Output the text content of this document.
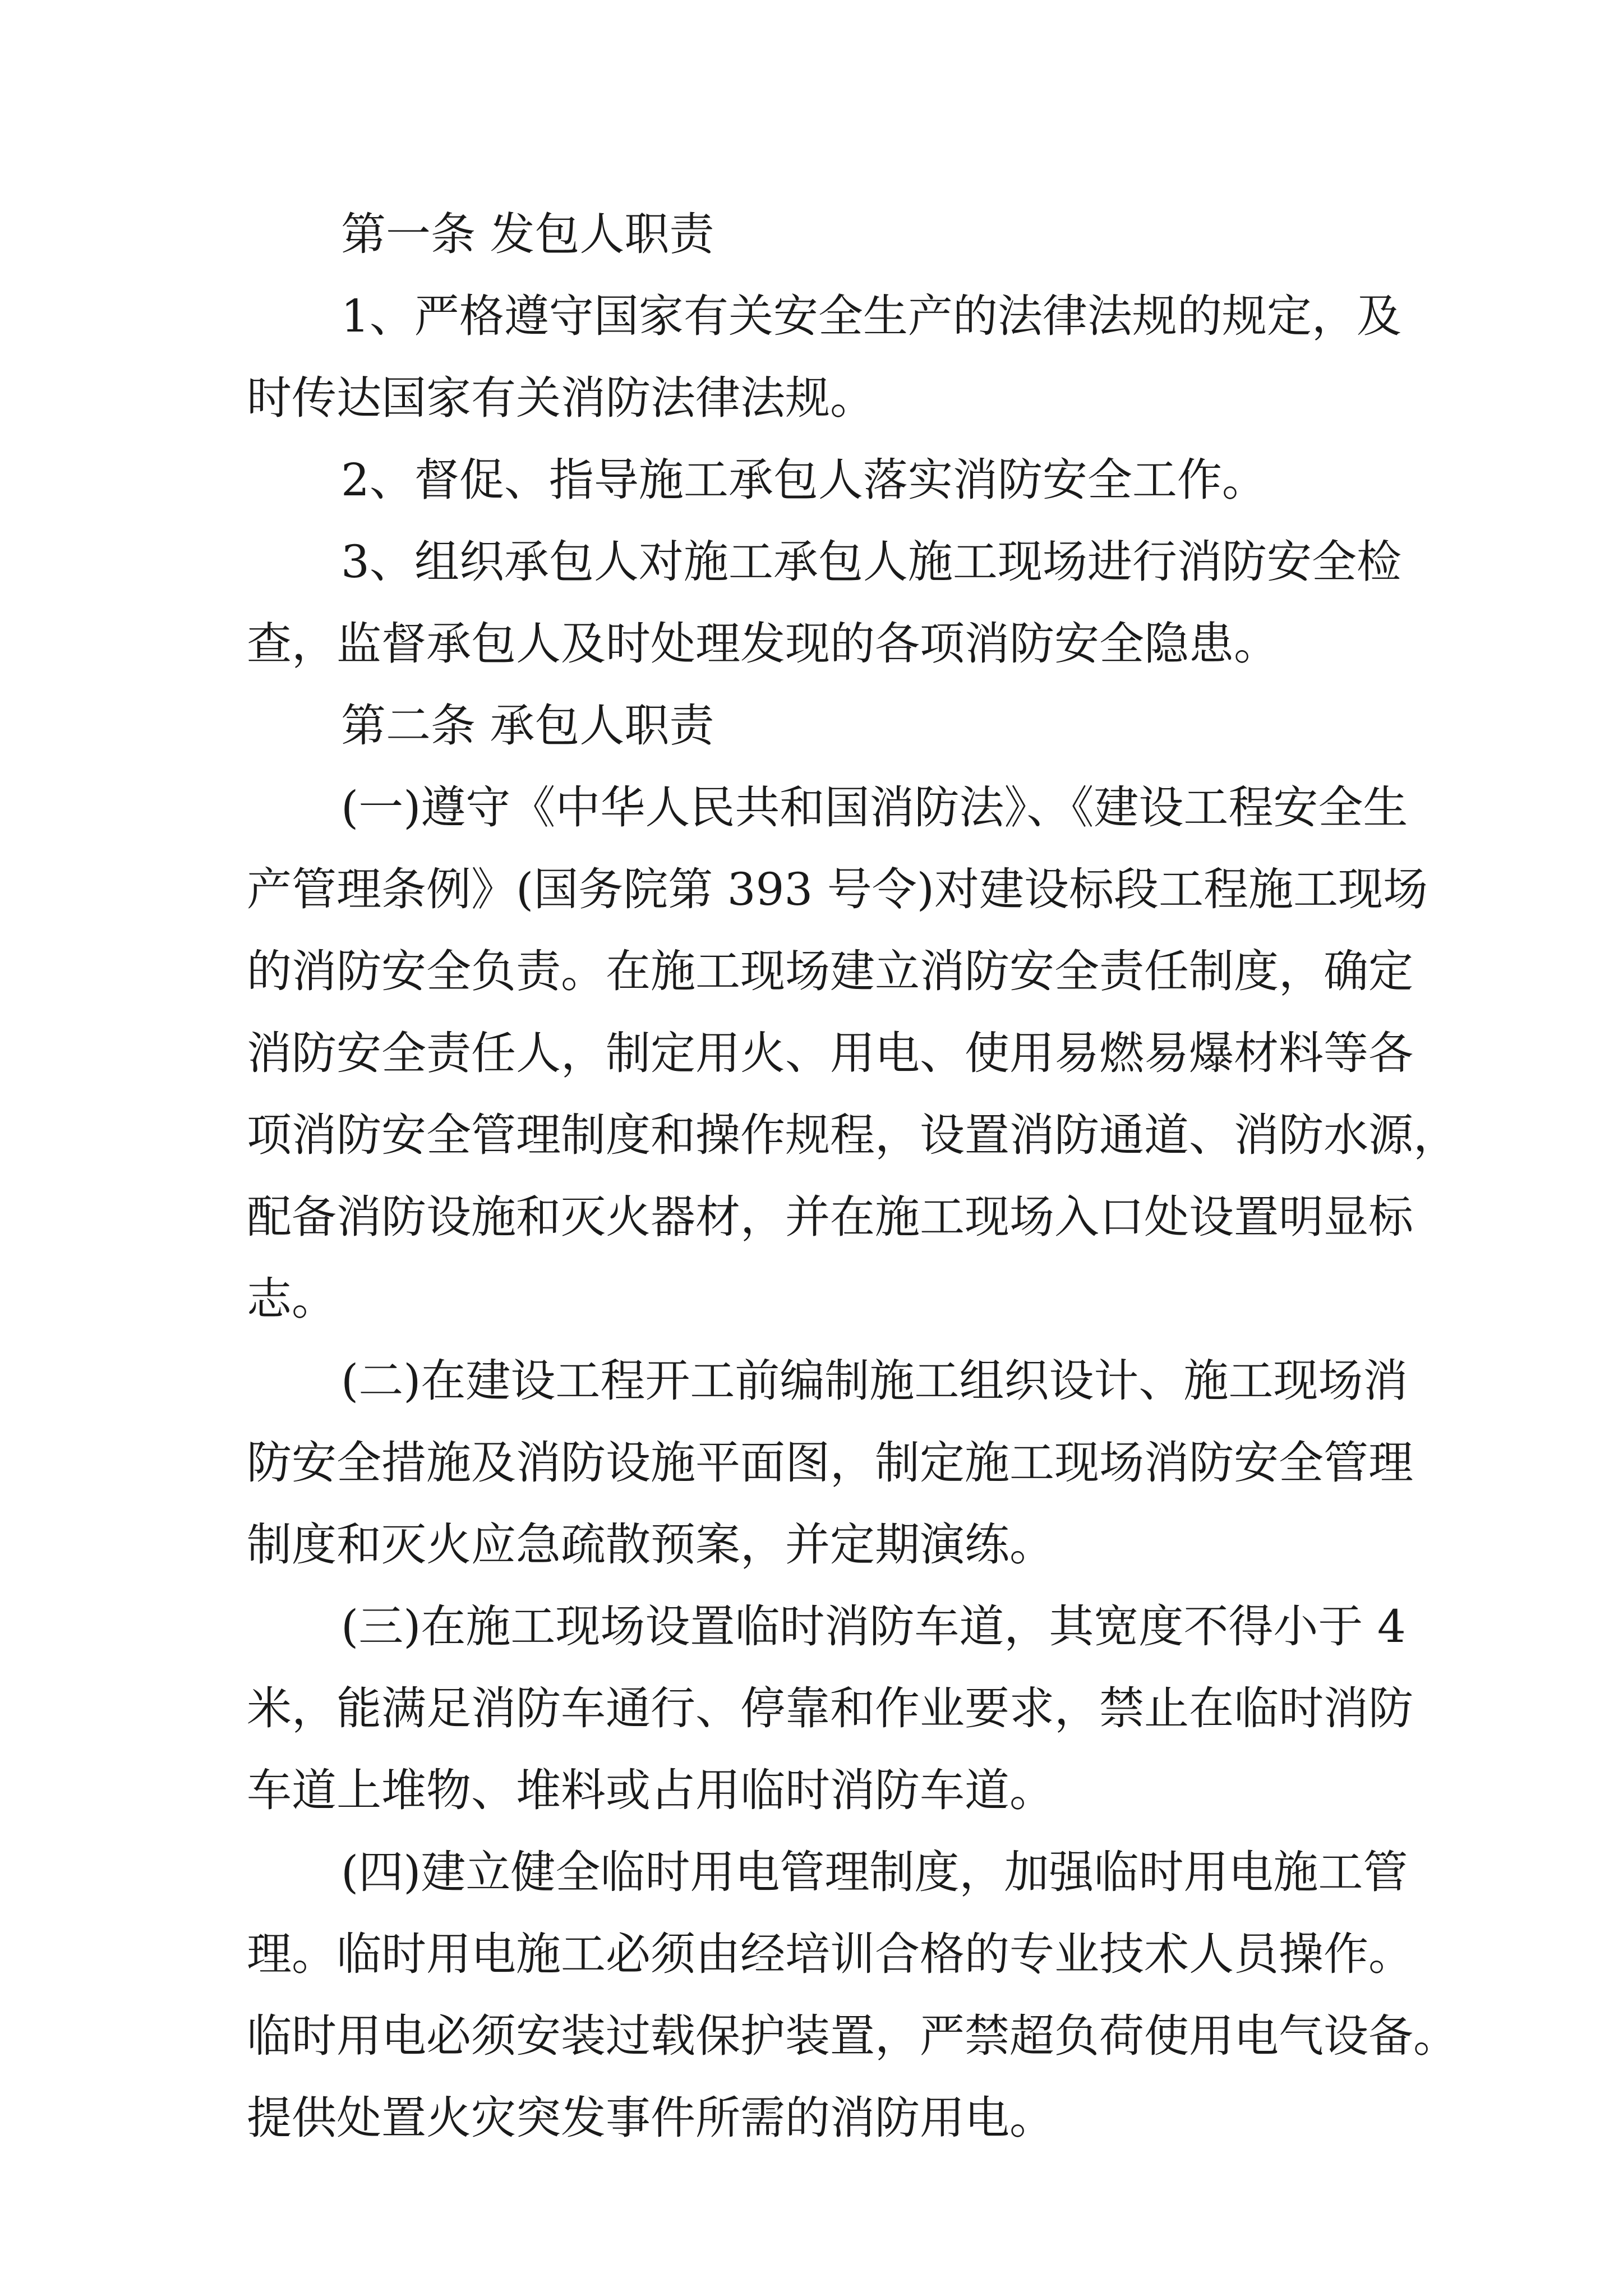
第一条 发包人职责
1、严格遵守国家有关安全生产的法律法规的规定，及
时传达国家有关消防法律法规。
2、督促、指导施工承包人落实消防安全工作。
3、组织承包人对施工承包人施工现场进行消防安全检
查，监督承包人及时处理发现的各项消防安全隐患。
第二条 承包人职责
(一)遵守《中华人民共和国消防法》、《建设工程安全生
产管理条例》(国务院第 393 号令)对建设标段工程施工现场
的消防安全负责。在施工现场建立消防安全责任制度，确定
消防安全责任人，制定用火、用电、使用易燃易爆材料等各
项消防安全管理制度和操作规程，设置消防通道、消防水源，
配备消防设施和灭火器材，并在施工现场入口处设置明显标
志。
(二)在建设工程开工前编制施工组织设计、施工现场消
防安全措施及消防设施平面图，制定施工现场消防安全管理
制度和灭火应急疏散预案，并定期演练。
(三)在施工现场设置临时消防车道，其宽度不得小于 4
米，能满足消防车通行、停靠和作业要求，禁止在临时消防
车道上堆物、堆料或占用临时消防车道。
(四)建立健全临时用电管理制度，加强临时用电施工管
理。临时用电施工必须由经培训合格的专业技术人员操作。
临时用电必须安装过载保护装置，严禁超负荷使用电气设备。
提供处置火灾突发事件所需的消防用电。
